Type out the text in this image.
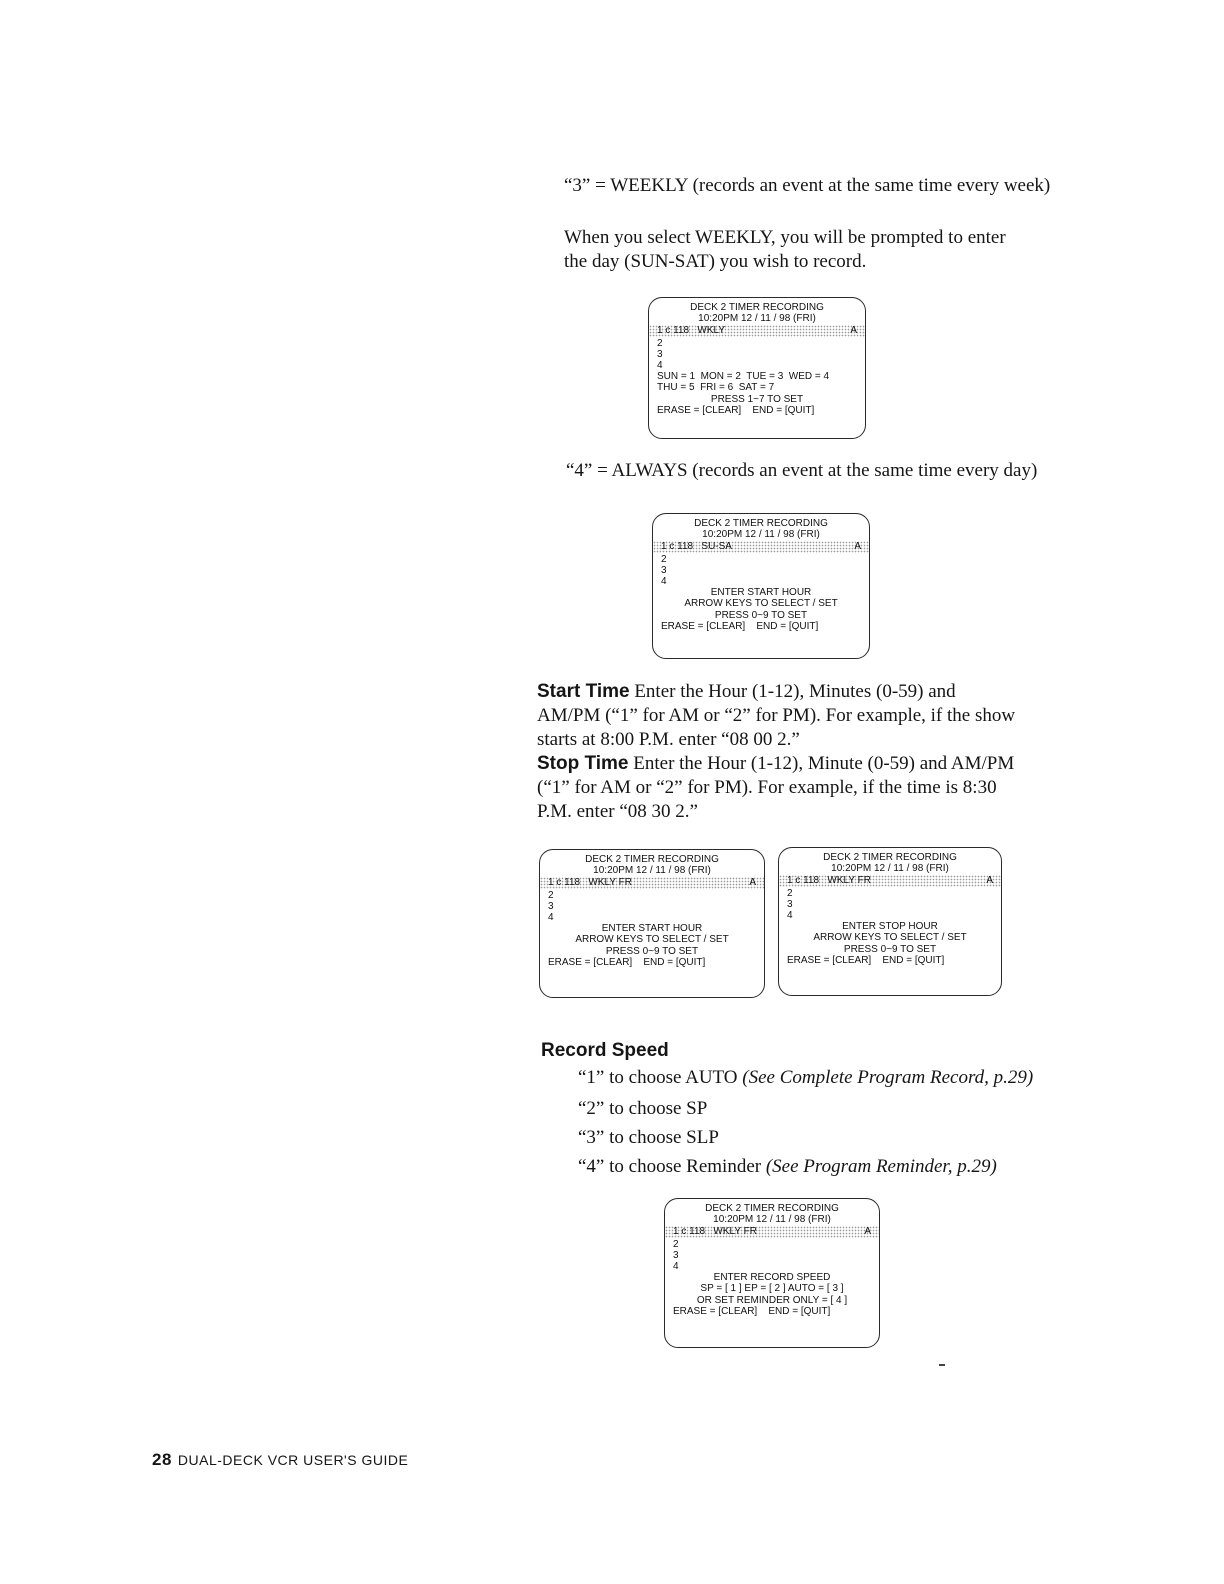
“3” = WEEKLY (records an event at the same time every week)
When you select WEEKLY, you will be prompted to enter the day (SUN-SAT) you wish to record.
DECK 2 TIMER RECORDING
10:20PM 12 / 11 / 98 (FRI)
1 c 118   WKLY	A
2
3
4
SUN = 1  MON = 2  TUE = 3  WED = 4
THU = 5  FRI = 6  SAT = 7
PRESS 1~7 TO SET
ERASE = [CLEAR] END = [QUIT]
“4” = ALWAYS (records an event at the same time every day)
DECK 2 TIMER RECORDING
10:20PM 12 / 11 / 98 (FRI)
1 c 118   SU-SA	A
2
3
4
ENTER START HOUR
ARROW KEYS TO SELECT / SET
PRESS 0~9 TO SET
ERASE = [CLEAR] END = [QUIT]
Start Time Enter the Hour (1-12), Minutes (0-59) and AM/PM (“1” for AM or “2” for PM). For example, if the show starts at 8:00 P.M. enter “08 00 2.”
Stop Time Enter the Hour (1-12), Minute (0-59) and AM/PM (“1” for AM or “2” for PM). For example, if the time is 8:30 P.M. enter “08 30 2.”
DECK 2 TIMER RECORDING
10:20PM 12 / 11 / 98 (FRI)
1 c 118   WKLY FR	A
2
3
4
ENTER START HOUR
ARROW KEYS TO SELECT / SET
PRESS 0~9 TO SET
ERASE = [CLEAR] END = [QUIT]
DECK 2 TIMER RECORDING
10:20PM 12 / 11 / 98 (FRI)
1 c 118   WKLY FR	A
2
3
4
ENTER STOP HOUR
ARROW KEYS TO SELECT / SET
PRESS 0~9 TO SET
ERASE = [CLEAR] END = [QUIT]
Record Speed
“1” to choose AUTO (See Complete Program Record, p.29)
“2” to choose SP
“3” to choose SLP
“4” to choose Reminder (See Program Reminder, p.29)
DECK 2 TIMER RECORDING
10:20PM 12 / 11 / 98 (FRI)
1 c 118   WKLY FR	A
2
3
4
ENTER RECORD SPEED
SP = [ 1 ] EP = [ 2 ] AUTO = [ 3 ]
OR SET REMINDER ONLY = [ 4 ]
ERASE = [CLEAR] END = [QUIT]
28 DUAL-DECK VCR USER'S GUIDE
